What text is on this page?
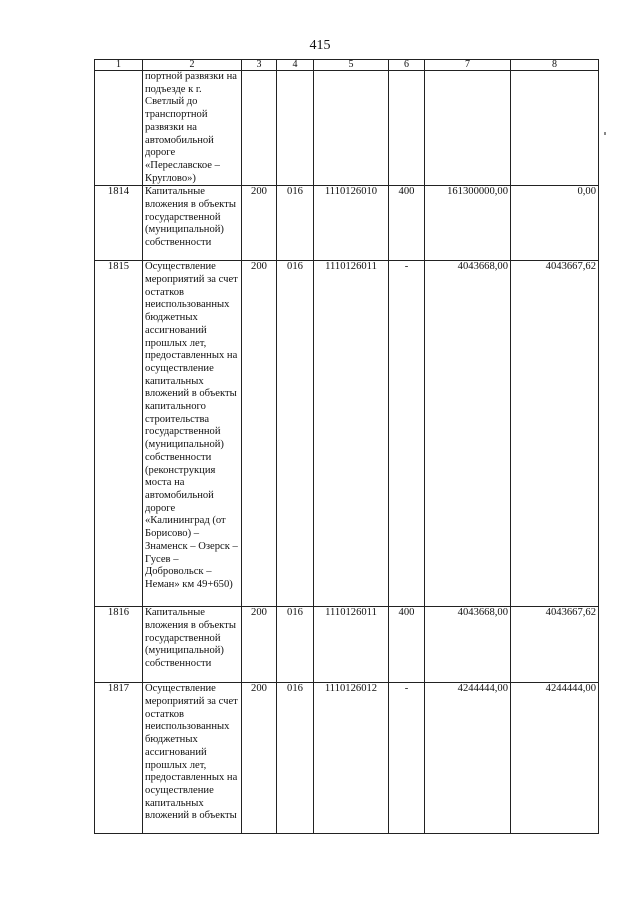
415
1	2	3	4	5	6	7	8
	портной развязки на подъезде к г. Светлый до транспортной развязки на автомобильной дороге «Переславское – Круглово»)						
1814	Капитальные вложения в объекты государственной (муниципальной) собственности	200	016	1110126010	400	161300000,00	0,00
1815	Осуществление мероприятий за счет остатков неиспользованных бюджетных ассигнований прошлых лет, предоставленных на осуществление капитальных вложений в объекты капитального строительства государственной (муниципальной) собственности (реконструкция моста на автомобильной дороге «Калининград (от Борисово) – Знаменск – Озерск – Гусев – Добровольск – Неман» км 49+650)	200	016	1110126011	-	4043668,00	4043667,62
1816	Капитальные вложения в объекты государственной (муниципальной) собственности	200	016	1110126011	400	4043668,00	4043667,62
1817	Осуществление мероприятий за счет остатков неиспользованных бюджетных ассигнований прошлых лет, предоставленных на осуществление капитальных вложений в объекты	200	016	1110126012	-	4244444,00	4244444,00
